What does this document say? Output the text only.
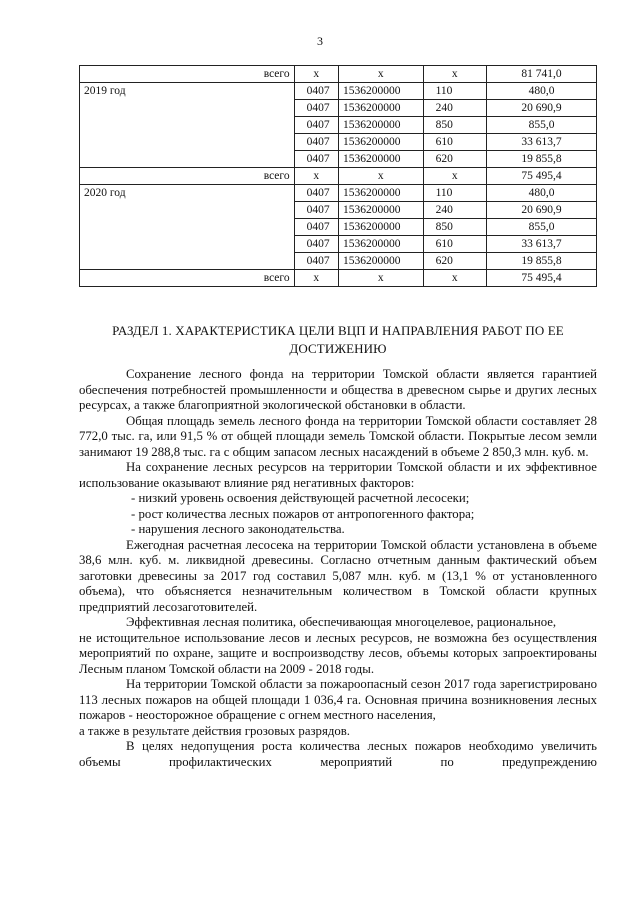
3
всего	х	х	х	81 741,0
2019 год	0407	1536200000	110	480,0
	0407	1536200000	240	20 690,9
	0407	1536200000	850	855,0
	0407	1536200000	610	33 613,7
	0407	1536200000	620	19 855,8
всего	х	х	х	75 495,4
2020 год	0407	1536200000	110	480,0
	0407	1536200000	240	20 690,9
	0407	1536200000	850	855,0
	0407	1536200000	610	33 613,7
	0407	1536200000	620	19 855,8
всего	х	х	х	75 495,4
РАЗДЕЛ 1. ХАРАКТЕРИСТИКА ЦЕЛИ ВЦП И НАПРАВЛЕНИЯ РАБОТ ПО ЕЕ ДОСТИЖЕНИЮ

Сохранение лесного фонда на территории Томской области является гарантией обеспечения потребностей промышленности и общества в древесном сырье и других лесных ресурсах, а также благоприятной экологической обстановки в области.

Общая площадь земель лесного фонда на территории Томской области составляет 28 772,0 тыс. га, или 91,5 % от общей площади земель Томской области. Покрытые лесом земли занимают 19 288,8 тыс. га с общим запасом лесных насаждений в объеме 2 850,3 млн. куб. м.

На сохранение лесных ресурсов на территории Томской области и их эффективное использование оказывают влияние ряд негативных факторов:

- низкий уровень освоения действующей расчетной лесосеки;

- рост количества лесных пожаров от антропогенного фактора;

- нарушения лесного законодательства.

Ежегодная расчетная лесосека на территории Томской области установлена в объеме 38,6 млн. куб. м. ликвидной древесины. Согласно отчетным данным фактический объем заготовки древесины за 2017 год составил 5,087 млн. куб. м (13,1 % от установленного объема), что объясняется незначительным количеством в Томской области крупных предприятий лесозаготовителей.

Эффективная лесная политика, обеспечивающая многоцелевое, рациональное,

не истощительное использование лесов и лесных ресурсов, не возможна без осуществления мероприятий по охране, защите и воспроизводству лесов, объемы которых запроектированы Лесным планом Томской области на 2009 - 2018 годы.

На территории Томской области за пожароопасный сезон 2017 года зарегистрировано 113 лесных пожаров на общей площади 1 036,4 га. Основная причина возникновения лесных пожаров - неосторожное обращение с огнем местного населения,

а также в результате действия грозовых разрядов.

В целях недопущения роста количества лесных пожаров необходимо увеличить объемы профилактических мероприятий по предупреждению
